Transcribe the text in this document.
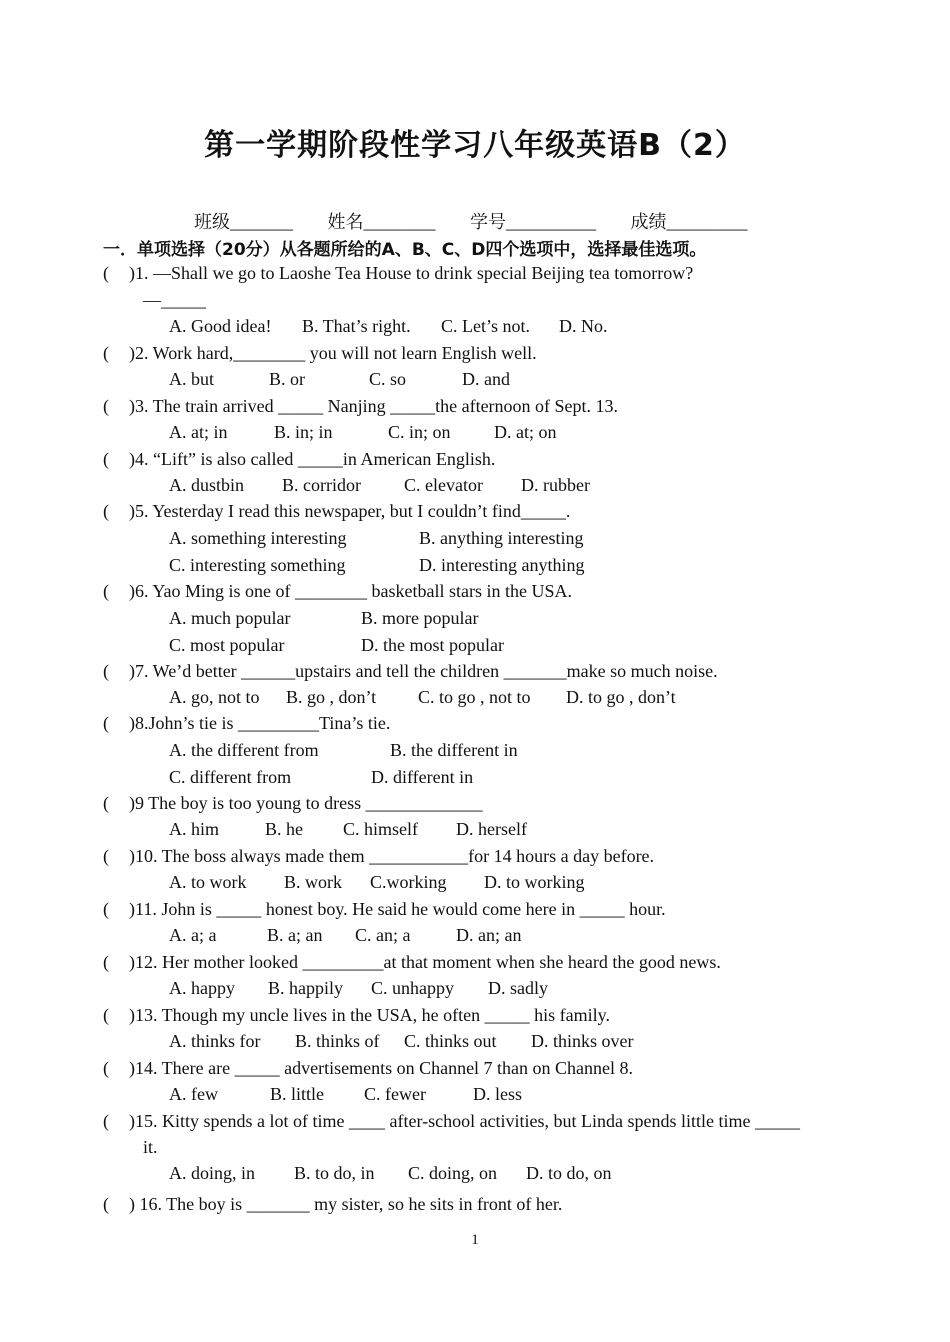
第一学期阶段性学习八年级英语B（2）
班级_______ 姓名________ 学号__________ 成绩_________
一．单项选择（20分）从各题所给的A、B、C、D四个选项中，选择最佳选项。
( )1. —Shall we go to Laoshe Tea House to drink special Beijing tea tomorrow?
—_____
A. Good idea! B. That’s right. C. Let’s not. D. No.
( )2. Work hard,________ you will not learn English well.
A. but	B. or	C. so	D. and
( )3. The train arrived _____ Nanjing _____the afternoon of Sept. 13.
A. at; in	B. in; in	C. in; on D. at; on
( )4. “Lift” is also called _____in American English.
A. dustbin B. corridor C. elevator D. rubber
( )5. Yesterday I read this newspaper, but I couldn’t find_____.
A. something interesting	B. anything interesting
C. interesting something	D. interesting anything
( )6. Yao Ming is one of ________ basketball stars in the USA.
A. much popular	B. more popular
C. most popular	D. the most popular
( )7. We’d better ______upstairs and tell the children _______make so much noise.
A. go, not to B. go , don’t C. to go , not to D. to go , don’t
( )8.John’s tie is _________Tina’s tie.
A. the different from	B. the different in
C. different from	D. different in
( )9 The boy is too young to dress _____________
A. him	B. he C. himself D. herself
( )10. The boss always made them ___________for 14 hours a day before.
A. to work B. work C.working D. to working
( )11. John is _____ honest boy. He said he would come here in _____ hour.
A. a; a	B. a; an C. an; a	D. an; an
( )12. Her mother looked _________at that moment when she heard the good news.
A. happy B. happily C. unhappy D. sadly
( )13. Though my uncle lives in the USA, he often _____ his family.
A. thinks for B. thinks of C. thinks out D. thinks over
( )14. There are _____ advertisements on Channel 7 than on Channel 8.
A. few	B. little C. fewer	D. less
( )15. Kitty spends a lot of time ____ after-school activities, but Linda spends little time _____
it.
A. doing, in B. to do, in C. doing, on D. to do, on
( ) 16. The boy is _______ my sister, so he sits in front of her.
1
